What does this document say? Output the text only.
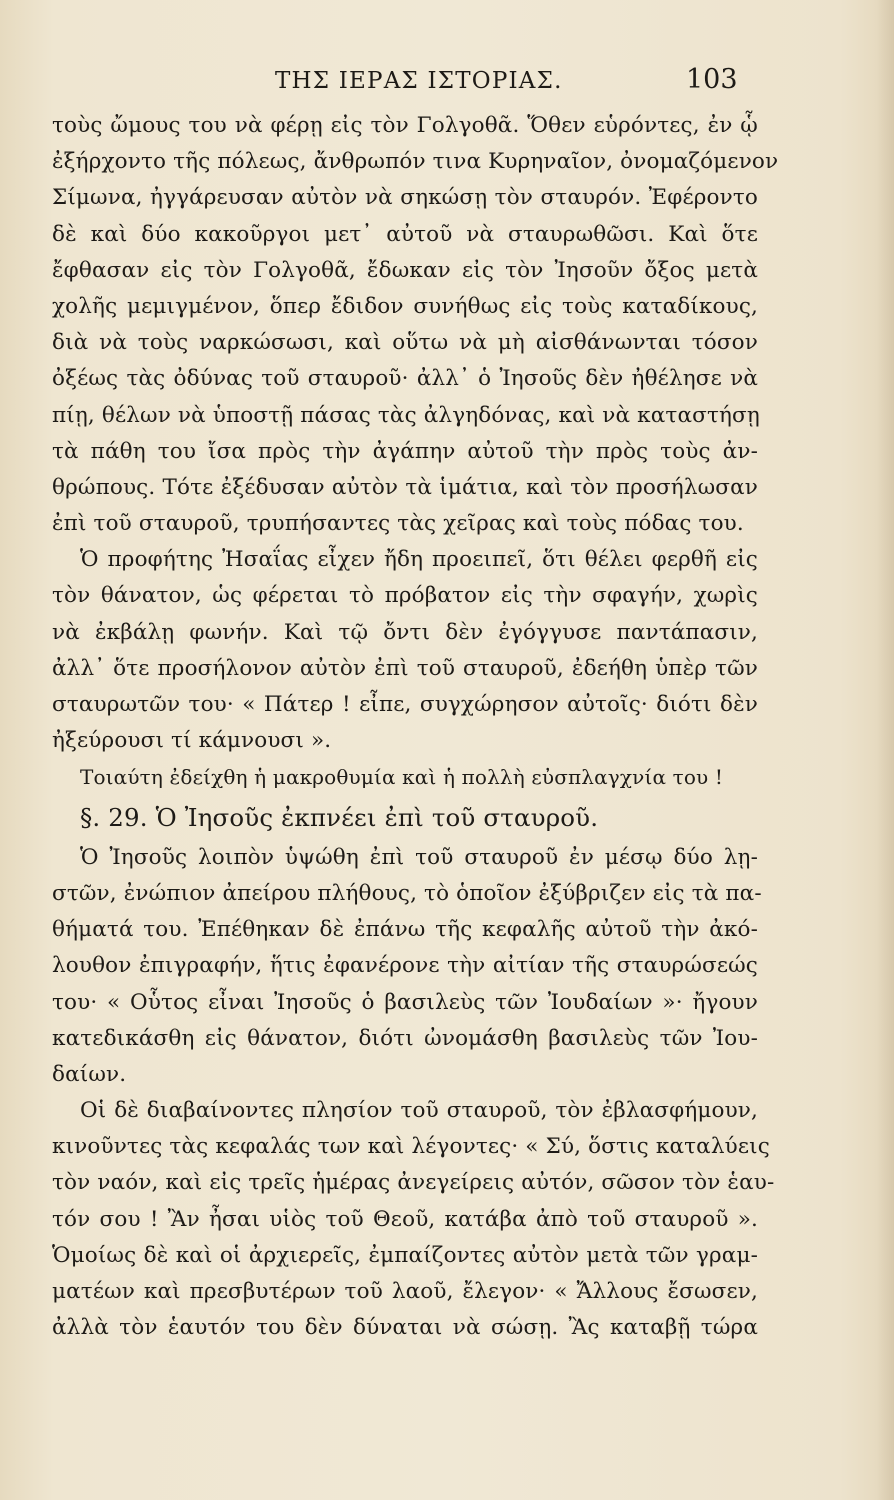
ΤΗΣ ΙΕΡΑΣ ΙΣΤΟΡΙΑΣ.	103
τοὺς ὤμους του νὰ φέρῃ εἰς τὸν Γολγοθᾶ. Ὅθεν εὑρόντες, ἐν ᾧ
ἐξήρχοντο τῆς πόλεως, ἄνθρωπόν τινα Κυρηναῖον, ὀνομαζόμενον
Σίμωνα, ἠγγάρευσαν αὐτὸν νὰ σηκώσῃ τὸν σταυρόν. Ἐφέροντο
δὲ καὶ δύο κακοῦργοι μετ᾽ αὐτοῦ νὰ σταυρωθῶσι. Καὶ ὅτε
ἔφθασαν εἰς τὸν Γολγοθᾶ, ἔδωκαν εἰς τὸν Ἰησοῦν ὄξος μετὰ
χολῆς μεμιγμένον, ὅπερ ἔδιδον συνήθως εἰς τοὺς καταδίκους,
διὰ νὰ τοὺς ναρκώσωσι, καὶ οὕτω νὰ μὴ αἰσθάνωνται τόσον
ὀξέως τὰς ὀδύνας τοῦ σταυροῦ· ἀλλ᾽ ὁ Ἰησοῦς δὲν ἠθέλησε νὰ
πίῃ, θέλων νὰ ὑποστῇ πάσας τὰς ἀλγηδόνας, καὶ νὰ καταστήσῃ
τὰ πάθη του ἴσα πρὸς τὴν ἀγάπην αὐτοῦ τὴν πρὸς τοὺς ἀν-
θρώπους. Τότε ἐξέδυσαν αὐτὸν τὰ ἱμάτια, καὶ τὸν προσήλωσαν
ἐπὶ τοῦ σταυροῦ, τρυπήσαντες τὰς χεῖρας καὶ τοὺς πόδας του.
Ὁ προφήτης Ἠσαΐας εἶχεν ἤδη προειπεῖ, ὅτι θέλει φερθῆ εἰς
τὸν θάνατον, ὡς φέρεται τὸ πρόβατον εἰς τὴν σφαγήν, χωρὶς
νὰ ἐκβάλῃ φωνήν. Καὶ τῷ ὄντι δὲν ἐγόγγυσε παντάπασιν,
ἀλλ᾽ ὅτε προσήλονον αὐτὸν ἐπὶ τοῦ σταυροῦ, ἐδεήθη ὑπὲρ τῶν
σταυρωτῶν του· « Πάτερ ! εἶπε, συγχώρησον αὐτοῖς· διότι δὲν
ἠξεύρουσι τί κάμνουσι ».
Τοιαύτη ἐδείχθη ἡ μακροθυμία καὶ ἡ πολλὴ εὐσπλαγχνία του !
§. 29. Ὁ Ἰησοῦς ἐκπνέει ἐπὶ τοῦ σταυροῦ.
Ὁ Ἰησοῦς λοιπὸν ὑψώθη ἐπὶ τοῦ σταυροῦ ἐν μέσῳ δύο λῃ-
στῶν, ἐνώπιον ἀπείρου πλήθους, τὸ ὁποῖον ἐξύβριζεν εἰς τὰ πα-
θήματά του. Ἐπέθηκαν δὲ ἐπάνω τῆς κεφαλῆς αὐτοῦ τὴν ἀκό-
λουθον ἐπιγραφήν, ἥτις ἐφανέρονε τὴν αἰτίαν τῆς σταυρώσεώς
του· « Οὗτος εἶναι Ἰησοῦς ὁ βασιλεὺς τῶν Ἰουδαίων »· ἤγουν
κατεδικάσθη εἰς θάνατον, διότι ὠνομάσθη βασιλεὺς τῶν Ἰου-
δαίων.
Οἱ δὲ διαβαίνοντες πλησίον τοῦ σταυροῦ, τὸν ἐβλασφήμουν,
κινοῦντες τὰς κεφαλάς των καὶ λέγοντες· « Σύ, ὅστις καταλύεις
τὸν ναόν, καὶ εἰς τρεῖς ἡμέρας ἀνεγείρεις αὐτόν, σῶσον τὸν ἑαυ-
τόν σου ! Ἂν ἦσαι υἱὸς τοῦ Θεοῦ, κατάβα ἀπὸ τοῦ σταυροῦ ».
Ὁμοίως δὲ καὶ οἱ ἀρχιερεῖς, ἐμπαίζοντες αὐτὸν μετὰ τῶν γραμ-
ματέων καὶ πρεσβυτέρων τοῦ λαοῦ, ἔλεγον· « Ἄλλους ἔσωσεν,
ἀλλὰ τὸν ἑαυτόν του δὲν δύναται νὰ σώσῃ. Ἂς καταβῇ τώρα
